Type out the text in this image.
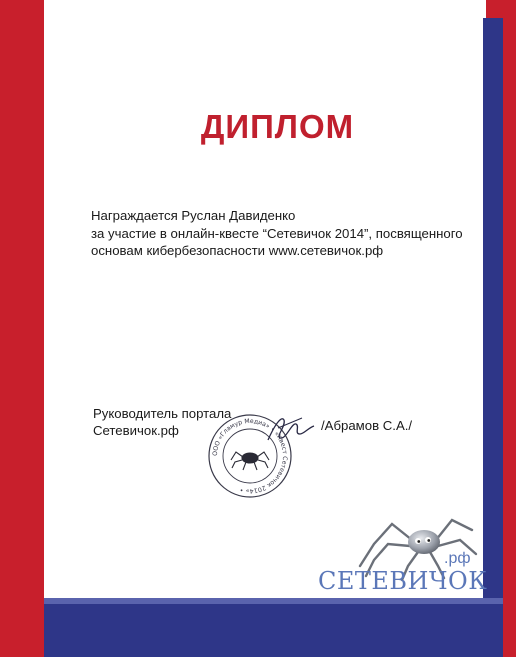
ДИПЛОМ
Награждается Руслан Давиденко
за участие в онлайн-квесте “Сетевичок 2014”, посвященного
основам кибербезопасности www.сетевичок.рф
Руководитель портала
Сетевичок.рф	/Абрамов С.А./
ООО «Гламур Медиа» • «Квест Сетевичок 2014» •
.рф
СЕТЕВИЧОК
